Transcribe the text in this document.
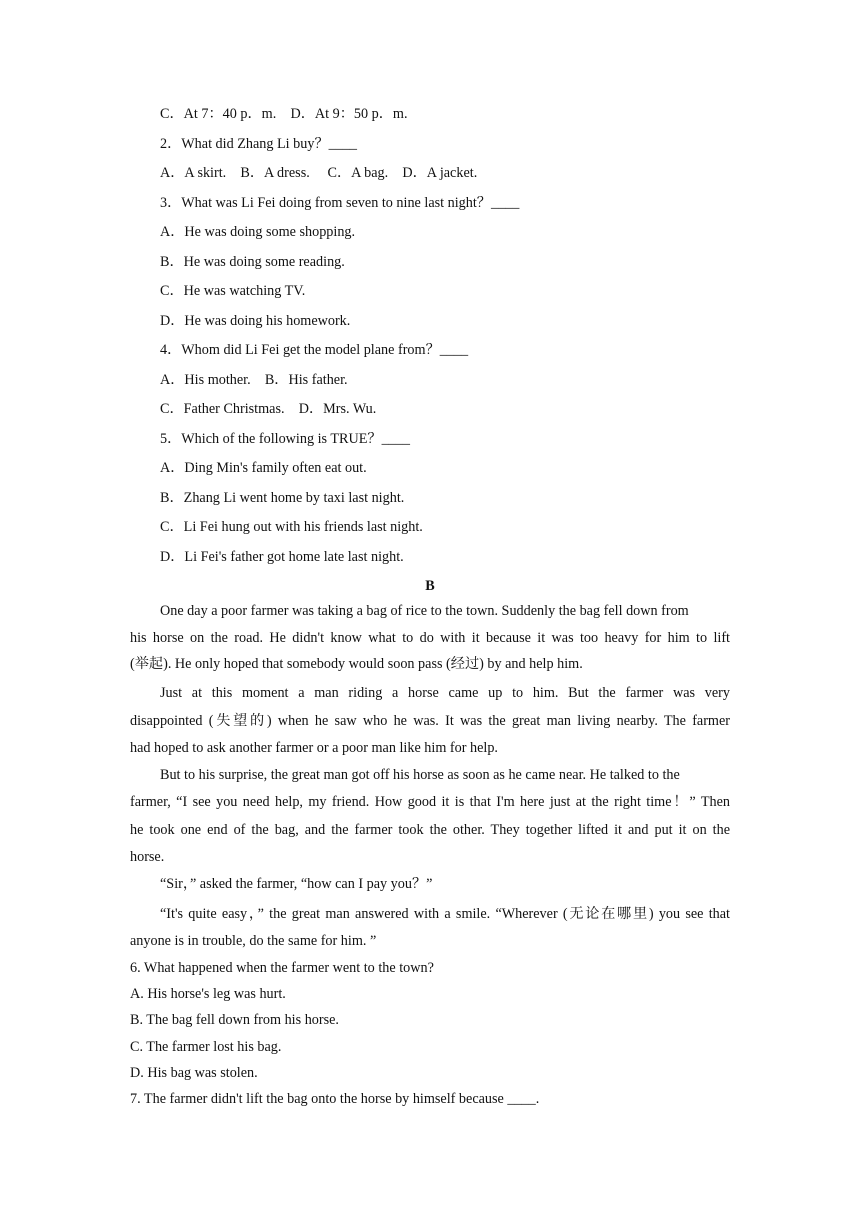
C．At 7：40 p．m.　D．At 9：50 p．m.
2．What did Zhang Li buy？____
A．A skirt.　B．A dress.　 C．A bag.　D．A jacket.
3．What was Li Fei doing from seven to nine last night？____
A．He was doing some shopping.
B．He was doing some reading.
C．He was watching TV.
D．He was doing his homework.
4．Whom did Li Fei get the model plane from？____
A．His mother.　B．His father.
C．Father Christmas.　D．Mrs. Wu.
5．Which of the following is TRUE？____
A．Ding Min's family often eat out.
B．Zhang Li went home by taxi last night.
C．Li Fei hung out with his friends last night.
D．Li Fei's father got home late last night.
B
One day a poor farmer was taking a bag of rice to the town. Suddenly the bag fell down from
his horse on the road. He didn't know what to do with it because it was too heavy for him to lift
(举起). He only hoped that somebody would soon pass (经过) by and help him.
Just at this moment a man riding a horse came up to him. But the farmer was very
disappointed (失望的) when he saw who he was. It was the great man living nearby. The farmer
had hoped to ask another farmer or a poor man like him for help.
But to his surprise, the great man got off his horse as soon as he came near. He talked to the
farmer, “I see you need help, my friend. How good it is that I'm here just at the right time！” Then
he took one end of the bag, and the farmer took the other. They together lifted it and put it on the
horse.
“Sir，” asked the farmer, “how can I pay you？”
“It's quite easy，” the great man answered with a smile. “Wherever (无论在哪里) you see that
anyone is in trouble, do the same for him. ”
6. What happened when the farmer went to the town?
A. His horse's leg was hurt.
B. The bag fell down from his horse.
C. The farmer lost his bag.
D. His bag was stolen.
7. The farmer didn't lift the bag onto the horse by himself because ____.
